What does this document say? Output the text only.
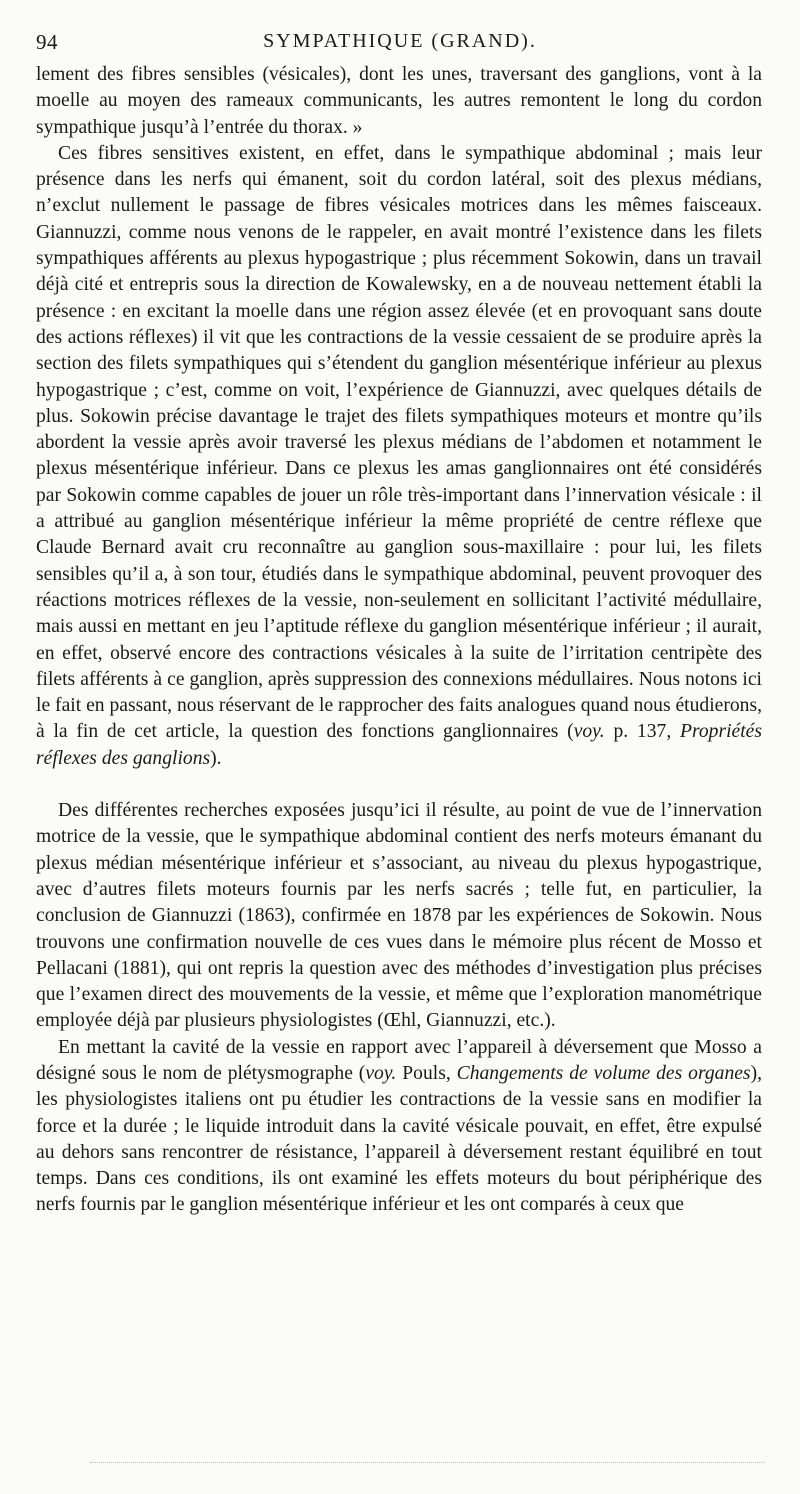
94	SYMPATHIQUE (GRAND).

lement des fibres sensibles (vésicales), dont les unes, traversant des ganglions, vont à la moelle au moyen des rameaux communicants, les autres remontent le long du cordon sympathique jusqu’à l’entrée du thorax. »

Ces fibres sensitives existent, en effet, dans le sympathique abdominal ; mais leur présence dans les nerfs qui émanent, soit du cordon latéral, soit des plexus médians, n’exclut nullement le passage de fibres vésicales motrices dans les mêmes faisceaux. Giannuzzi, comme nous venons de le rappeler, en avait montré l’existence dans les filets sympathiques afférents au plexus hypogastrique ; plus récemment Sokowin, dans un travail déjà cité et entrepris sous la direction de Kowalewsky, en a de nouveau nettement établi la présence : en excitant la moelle dans une région assez élevée (et en provoquant sans doute des actions réflexes) il vit que les contractions de la vessie cessaient de se produire après la section des filets sympathiques qui s’étendent du ganglion mésentérique inférieur au plexus hypogastrique ; c’est, comme on voit, l’expérience de Giannuzzi, avec quelques détails de plus. Sokowin précise davantage le trajet des filets sympathiques moteurs et montre qu’ils abordent la vessie après avoir traversé les plexus médians de l’abdomen et notamment le plexus mésentérique inférieur. Dans ce plexus les amas ganglionnaires ont été considérés par Sokowin comme capables de jouer un rôle très-important dans l’innervation vésicale : il a attribué au ganglion mésentérique inférieur la même propriété de centre réflexe que Claude Bernard avait cru reconnaître au ganglion sous-maxillaire : pour lui, les filets sensibles qu’il a, à son tour, étudiés dans le sympathique abdominal, peuvent provoquer des réactions motrices réflexes de la vessie, non-seulement en sollicitant l’activité médullaire, mais aussi en mettant en jeu l’aptitude réflexe du ganglion mésentérique inférieur ; il aurait, en effet, observé encore des contractions vésicales à la suite de l’irritation centripète des filets afférents à ce ganglion, après suppression des connexions médullaires. Nous notons ici le fait en passant, nous réservant de le rapprocher des faits analogues quand nous étudierons, à la fin de cet article, la question des fonctions ganglionnaires (voy. p. 137, Propriétés réflexes des ganglions).

Des différentes recherches exposées jusqu’ici il résulte, au point de vue de l’innervation motrice de la vessie, que le sympathique abdominal contient des nerfs moteurs émanant du plexus médian mésentérique inférieur et s’associant, au niveau du plexus hypogastrique, avec d’autres filets moteurs fournis par les nerfs sacrés ; telle fut, en particulier, la conclusion de Giannuzzi (1863), confirmée en 1878 par les expériences de Sokowin. Nous trouvons une confirmation nouvelle de ces vues dans le mémoire plus récent de Mosso et Pellacani (1881), qui ont repris la question avec des méthodes d’investigation plus précises que l’examen direct des mouvements de la vessie, et même que l’exploration manométrique employée déjà par plusieurs physiologistes (Œhl, Giannuzzi, etc.).

En mettant la cavité de la vessie en rapport avec l’appareil à déversement que Mosso a désigné sous le nom de plétysmographe (voy. Pouls, Changements de volume des organes), les physiologistes italiens ont pu étudier les contractions de la vessie sans en modifier la force et la durée ; le liquide introduit dans la cavité vésicale pouvait, en effet, être expulsé au dehors sans rencontrer de résistance, l’appareil à déversement restant équilibré en tout temps. Dans ces conditions, ils ont examiné les effets moteurs du bout périphérique des nerfs fournis par le ganglion mésentérique inférieur et les ont comparés à ceux que
